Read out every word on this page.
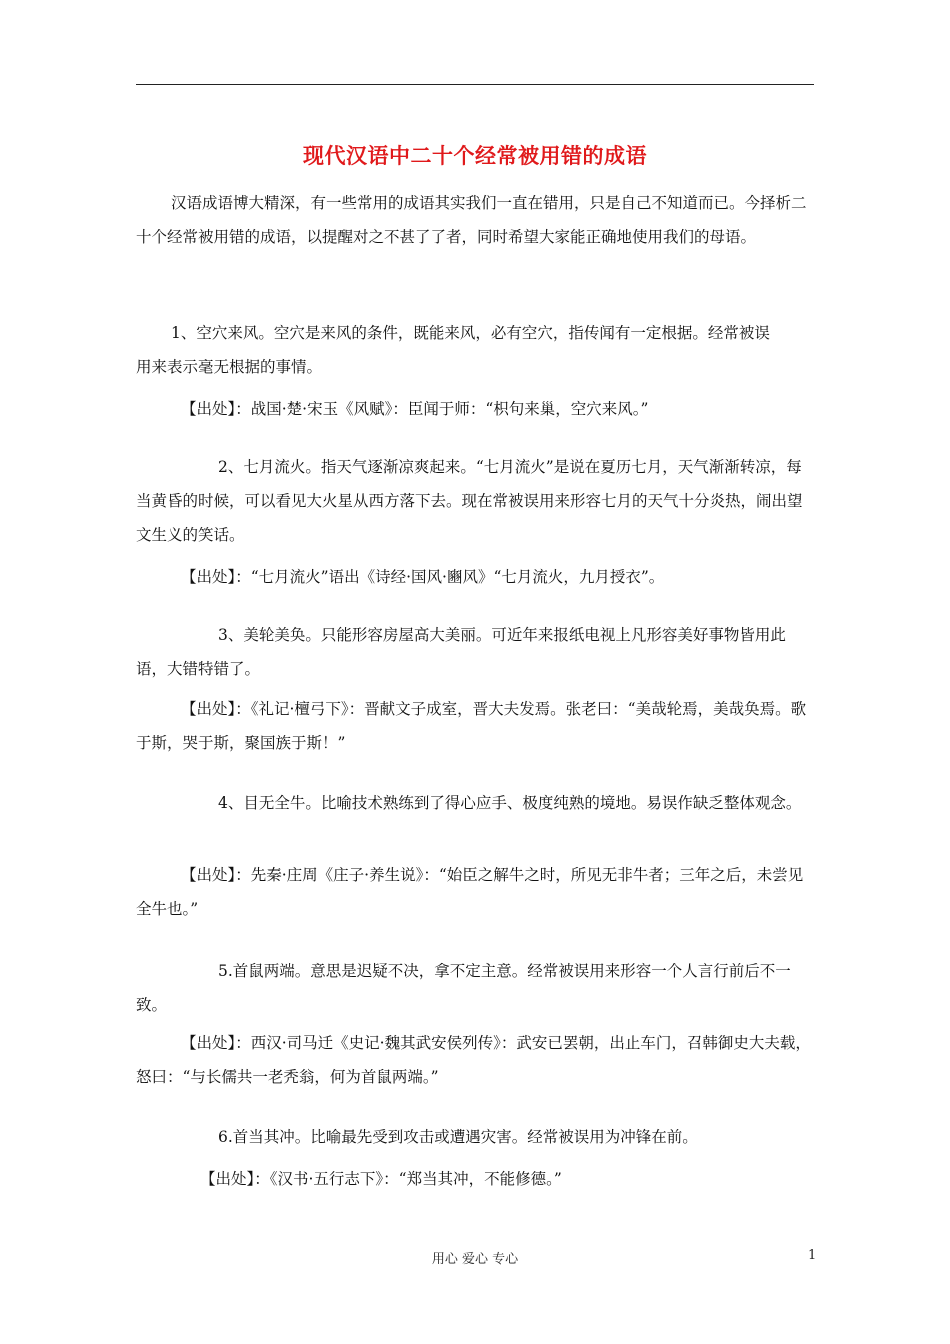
现代汉语中二十个经常被用错的成语

汉语成语博大精深，有一些常用的成语其实我们一直在错用，只是自己不知道而已。今择析二十个经常被用错的成语，以提醒对之不甚了了者，同时希望大家能正确地使用我们的母语。

1、空穴来风。空穴是来风的条件，既能来风，必有空穴，指传闻有一定根据。经常被误用来表示毫无根据的事情。

【出处】：战国·楚·宋玉《风赋》：臣闻于师：“枳句来巢，空穴来风。”

2、七月流火。指天气逐渐凉爽起来。“七月流火”是说在夏历七月，天气渐渐转凉，每当黄昏的时候，可以看见大火星从西方落下去。现在常被误用来形容七月的天气十分炎热，闹出望文生义的笑话。

【出处】：“七月流火”语出《诗经·国风·豳风》“七月流火，九月授衣”。

3、美轮美奂。只能形容房屋高大美丽。可近年来报纸电视上凡形容美好事物皆用此语，大错特错了。

【出处】：《礼记·檀弓下》：晋献文子成室，晋大夫发焉。张老曰：“美哉轮焉，美哉奂焉。歌于斯，哭于斯，聚国族于斯！”

4、目无全牛。比喻技术熟练到了得心应手、极度纯熟的境地。易误作缺乏整体观念。

【出处】：先秦·庄周《庄子·养生说》：“始臣之解牛之时，所见无非牛者；三年之后，未尝见全牛也。”

5.首鼠两端。意思是迟疑不决，拿不定主意。经常被误用来形容一个人言行前后不一致。

【出处】：西汉·司马迁《史记·魏其武安侯列传》：武安已罢朝，出止车门，召韩御史大夫载，怒曰：“与长儒共一老秃翁，何为首鼠两端。”

6.首当其冲。比喻最先受到攻击或遭遇灾害。经常被误用为冲锋在前。

【出处】：《汉书·五行志下》：“郑当其冲，不能修德。”

用心 爱心 专心	1
